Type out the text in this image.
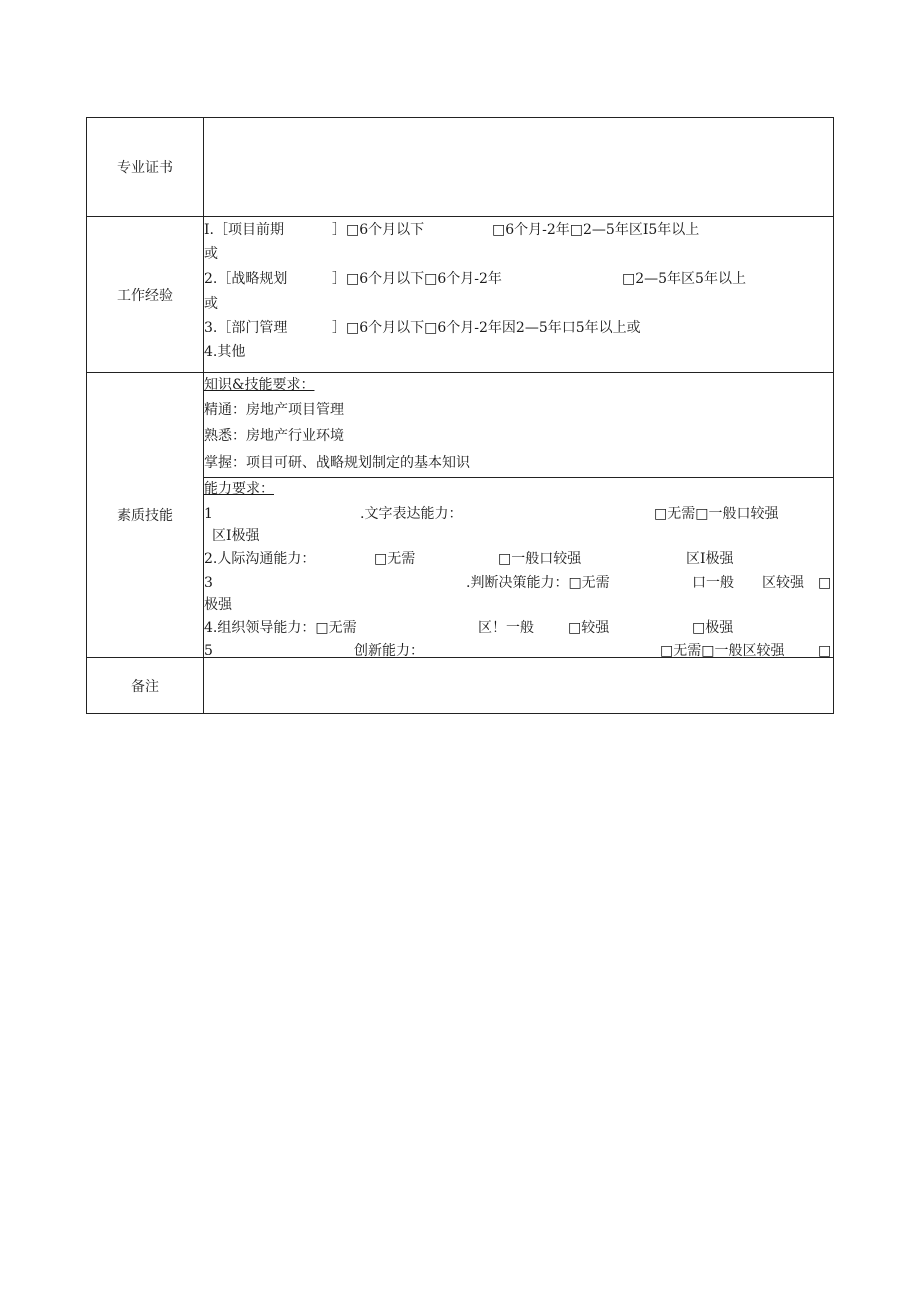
专业证书
工作经验
I.［项目前期	］□6个月以下	□6个月-2年□2—5年区I5年以上
或
2.［战略规划	］□6个月以下□6个月-2年	□2—5年区5年以上
或
3.［部门管理	］□6个月以下□6个月-2年因2—5年口5年以上或
4.其他
素质技能
知识&技能要求：
精通：房地产项目管理
熟悉：房地产行业环境
掌握：项目可研、战略规划制定的基本知识
能力要求：
1	.文字表达能力：	□无需□一般口较强
区I极强
2.人际沟通能力：	□无需	□一般口较强	区I极强
3	.判断决策能力：□无需	口一般 区较强 □
极强
4.组织领导能力：□无需	区！一般 □较强	□极强
5	创新能力：	□无需□一般区较强 □
备注
